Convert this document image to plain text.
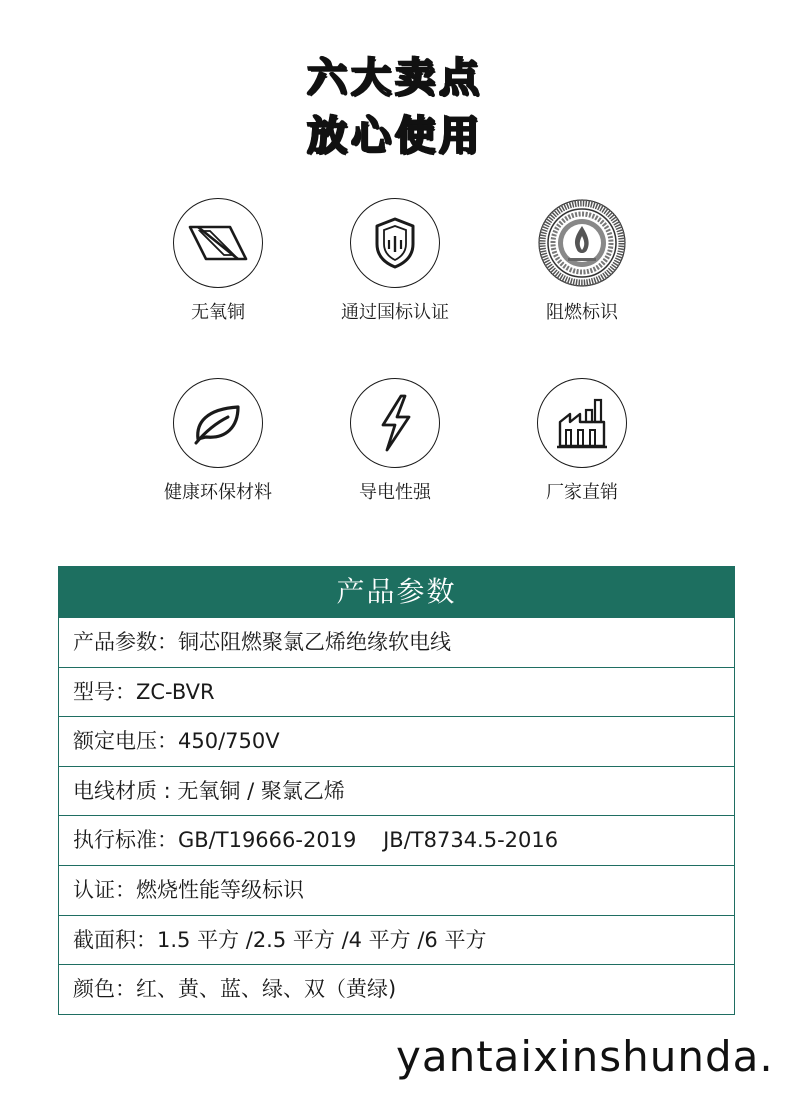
六大卖点
放心使用
无氧铜	通过国标认证	阻燃标识
健康环保材料	导电性强	厂家直销
产品参数
产品参数：铜芯阻燃聚氯乙烯绝缘软电线
型号：ZC-BVR
额定电压：450/750V
电线材质 : 无氧铜 / 聚氯乙烯
执行标准：GB/T19666-2019    JB/T8734.5-2016
认证：燃烧性能等级标识
截面积：1.5 平方 /2.5 平方 /4 平方 /6 平方
颜色：红、黄、蓝、绿、双（黄绿)
yantaixinshunda.
